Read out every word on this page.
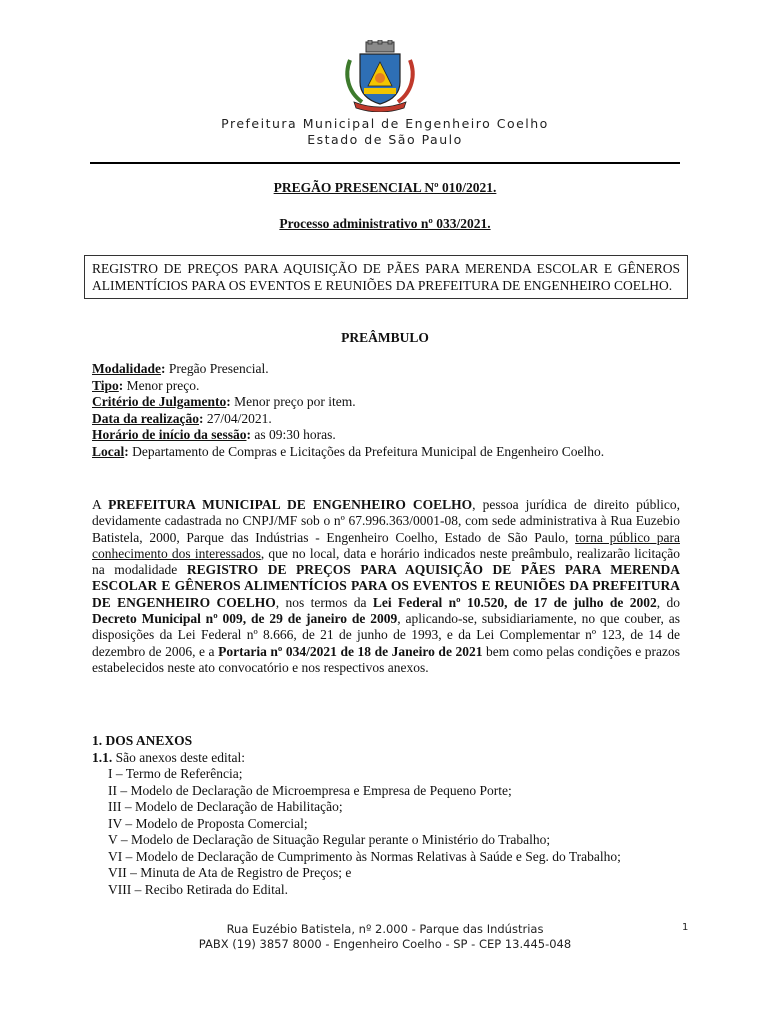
Prefeitura Municipal de Engenheiro Coelho
Estado de São Paulo
PREGÃO PRESENCIAL Nº 010/2021.
Processo administrativo nº 033/2021.
REGISTRO DE PREÇOS PARA AQUISIÇÃO DE PÃES PARA MERENDA ESCOLAR E GÊNEROS ALIMENTÍCIOS PARA OS EVENTOS E REUNIÕES DA PREFEITURA DE ENGENHEIRO COELHO.
PREÂMBULO
Modalidade: Pregão Presencial.
Tipo: Menor preço.
Critério de Julgamento: Menor preço por item.
Data da realização: 27/04/2021.
Horário de início da sessão: as 09:30 horas.
Local: Departamento de Compras e Licitações da Prefeitura Municipal de Engenheiro Coelho.
A PREFEITURA MUNICIPAL DE ENGENHEIRO COELHO, pessoa jurídica de direito público, devidamente cadastrada no CNPJ/MF sob o nº 67.996.363/0001-08, com sede administrativa à Rua Euzebio Batistela, 2000, Parque das Indústrias - Engenheiro Coelho, Estado de São Paulo, torna público para conhecimento dos interessados, que no local, data e horário indicados neste preâmbulo, realizarão licitação na modalidade REGISTRO DE PREÇOS PARA AQUISIÇÃO DE PÃES PARA MERENDA ESCOLAR E GÊNEROS ALIMENTÍCIOS PARA OS EVENTOS E REUNIÕES DA PREFEITURA DE ENGENHEIRO COELHO, nos termos da Lei Federal nº 10.520, de 17 de julho de 2002, do Decreto Municipal nº 009, de 29 de janeiro de 2009, aplicando-se, subsidiariamente, no que couber, as disposições da Lei Federal nº 8.666, de 21 de junho de 1993, e da Lei Complementar nº 123, de 14 de dezembro de 2006, e a Portaria nº 034/2021 de 18 de Janeiro de 2021 bem como pelas condições e prazos estabelecidos neste ato convocatório e nos respectivos anexos.
1. DOS ANEXOS
1.1. São anexos deste edital:
I – Termo de Referência;
II – Modelo de Declaração de Microempresa e Empresa de Pequeno Porte;
III – Modelo de Declaração de Habilitação;
IV – Modelo de Proposta Comercial;
V – Modelo de Declaração de Situação Regular perante o Ministério do Trabalho;
VI – Modelo de Declaração de Cumprimento às Normas Relativas à Saúde e Seg. do Trabalho;
VII – Minuta de Ata de Registro de Preços; e
VIII – Recibo Retirada do Edital.
Rua Euzébio Batistela, nº 2.000 - Parque das Indústrias
PABX (19) 3857 8000 - Engenheiro Coelho - SP - CEP 13.445-048
1
